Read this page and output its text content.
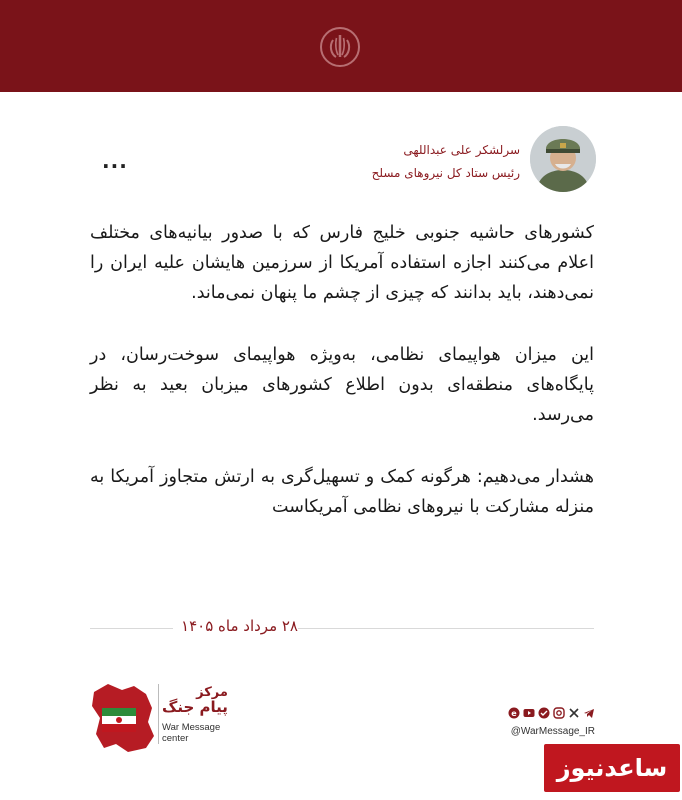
سرلشکر علی عبداللهی
رئیس ستاد کل نیروهای مسلح
...

کشورهای حاشیه جنوبی خلیج فارس که با صدور بیانیه‌های مختلف اعلام می‌کنند اجازه استفاده آمریکا از سرزمین هایشان علیه ایران را نمی‌دهند، باید بدانند که چیزی از چشم ما پنهان نمی‌ماند.

این میزان هواپیمای نظامی، به‌ویژه هواپیمای سوخت‌رسان، در پایگاه‌های منطقه‌ای بدون اطلاع کشورهای میزبان بعید به نظر می‌رسد.

هشدار می‌دهیم: هرگونه کمک و تسهیل‌گری به ارتش متجاوز آمریکا به منزله مشارکت با نیروهای نظامی آمریکاست

۲۸ مرداد ماه ۱۴۰۵
مرکز
پیام جنگ
War Message
center
e
@WarMessage_IR
ساعدنیوز
